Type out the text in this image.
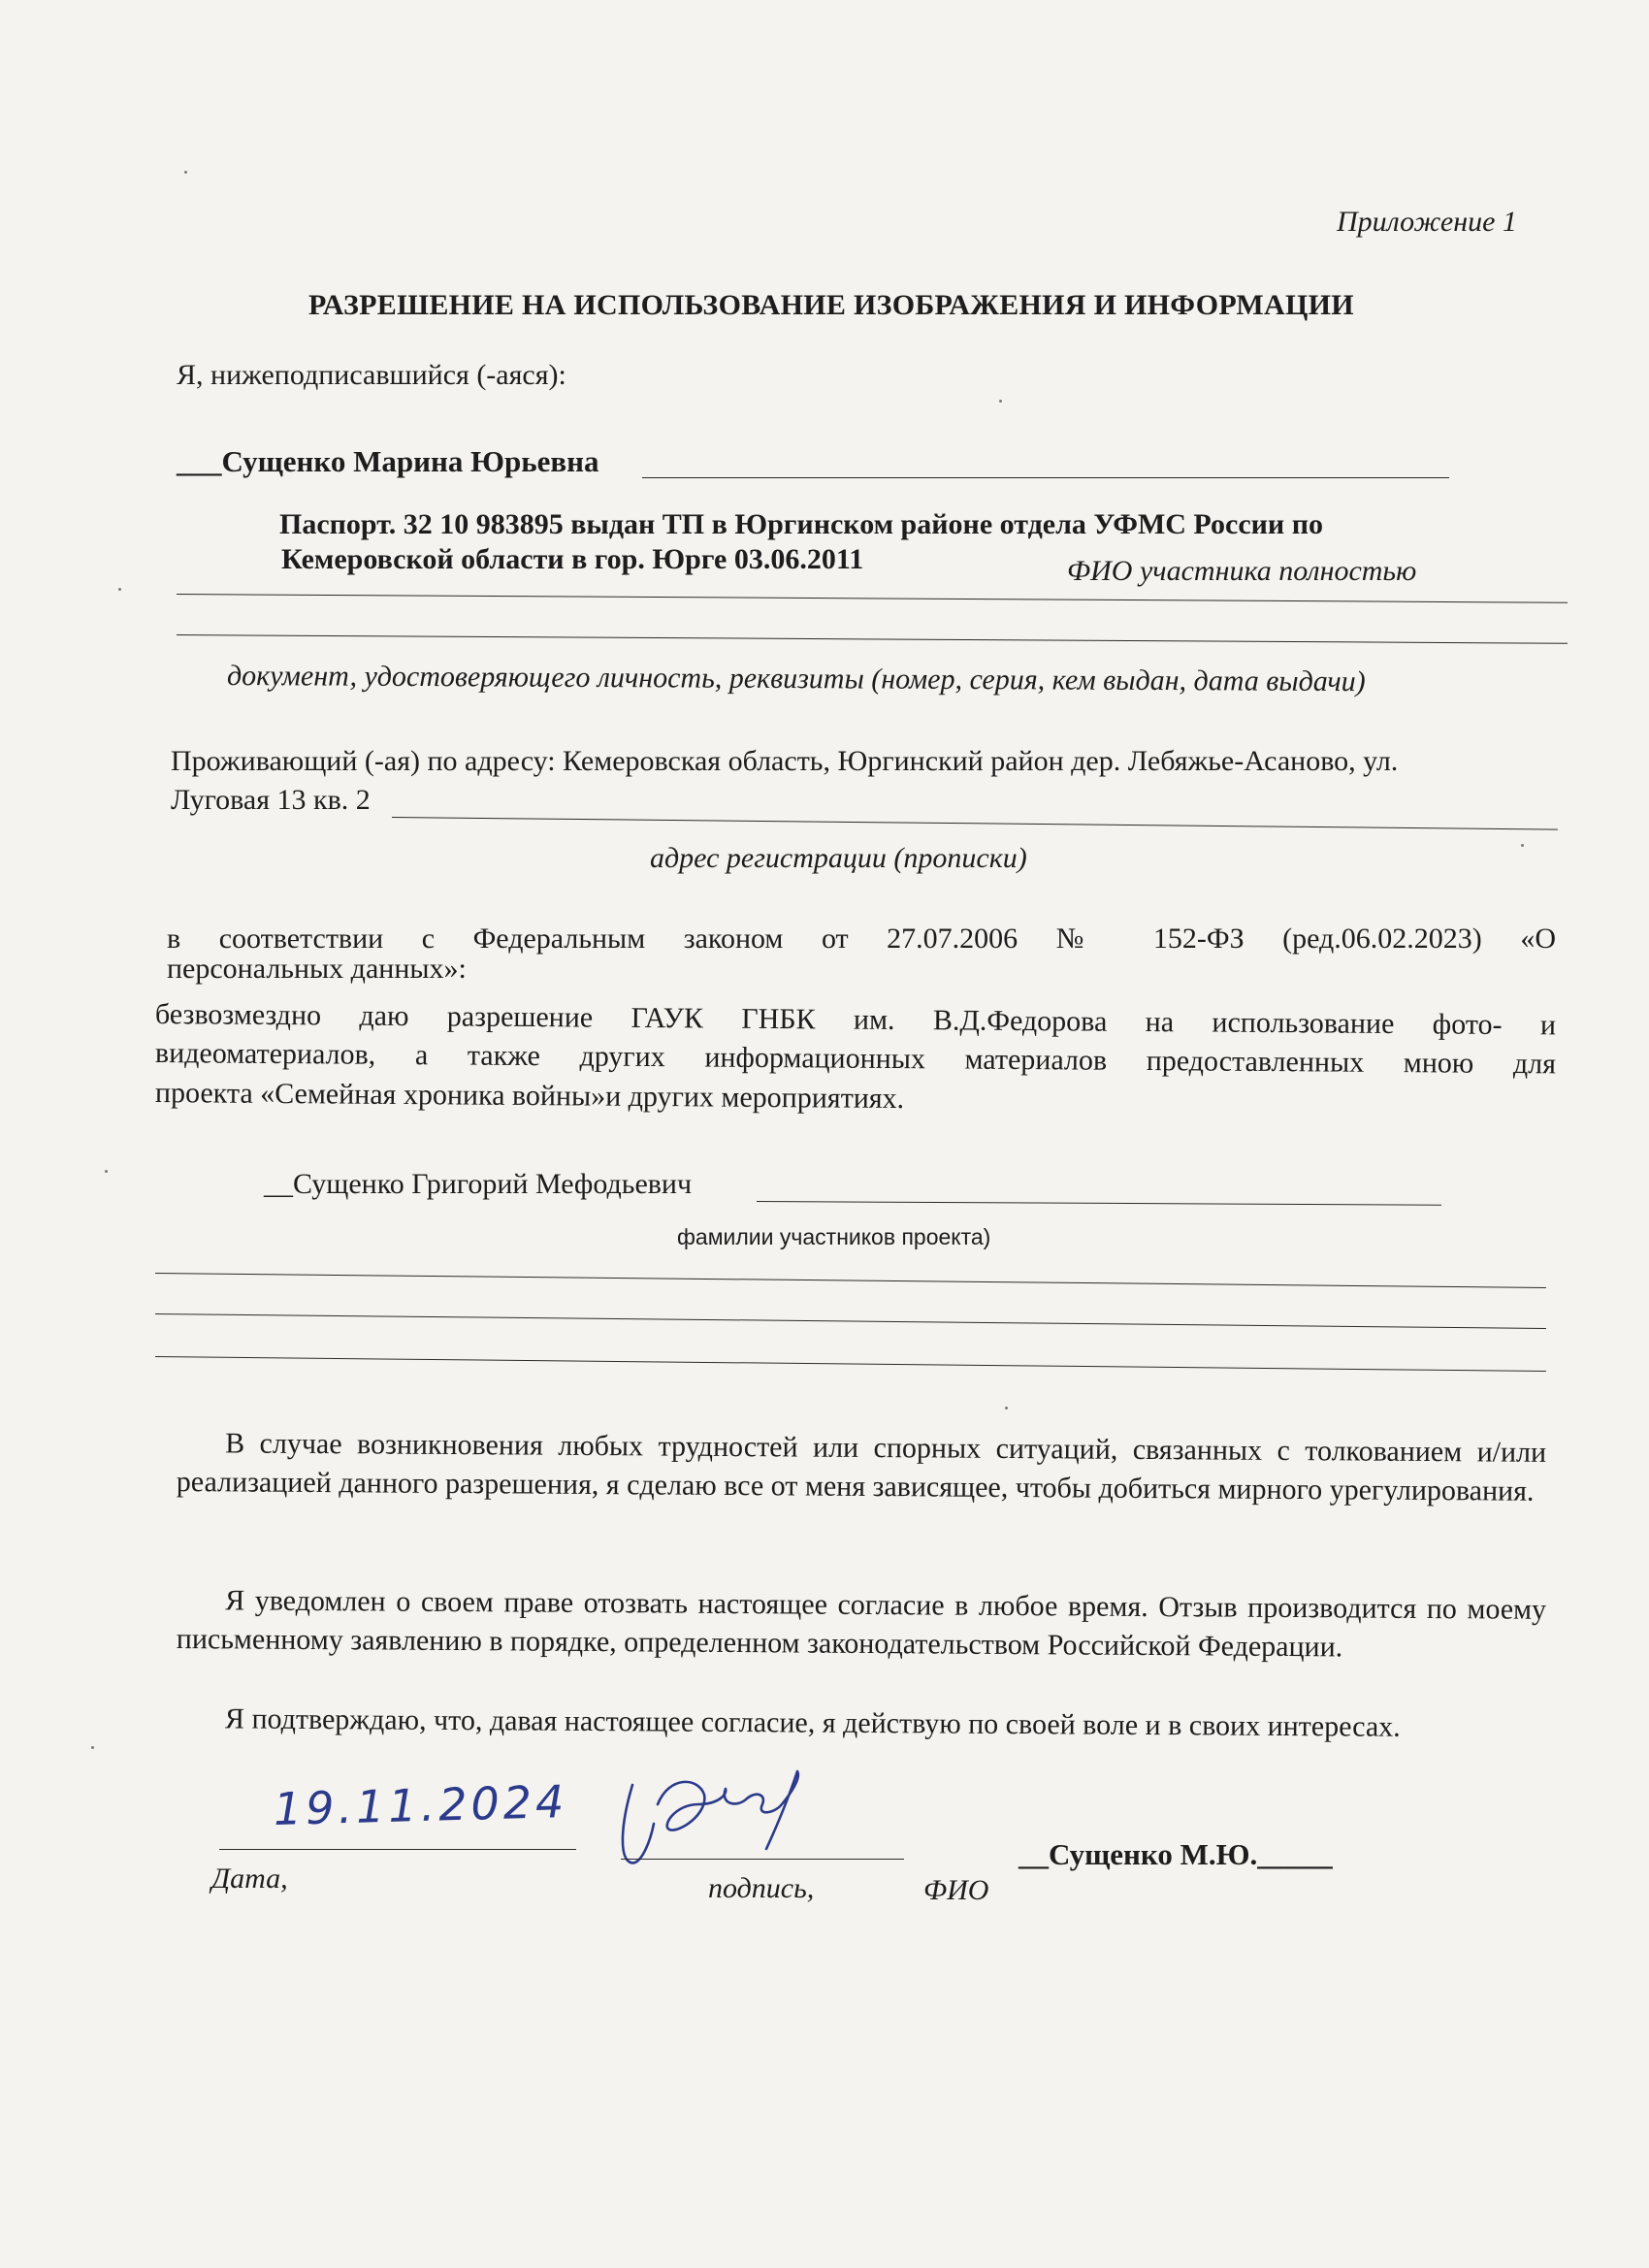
Приложение 1
РАЗРЕШЕНИЕ НА ИСПОЛЬЗОВАНИЕ ИЗОБРАЖЕНИЯ И ИНФОРМАЦИИ
Я, нижеподписавшийся (-аяся):
___Сущенко Марина Юрьевна
Паспорт. 32 10 983895 выдан ТП в Юргинском районе отдела УФМС России по
Кемеровской области в гор. Юрге 03.06.2011	ФИО участника полностью
документ, удостоверяющего личность, реквизиты (номер, серия, кем выдан, дата выдачи)
Проживающий (-ая) по адресу: Кемеровская область, Юргинский район дер. Лебяжье-Асаново, ул.
Луговая 13 кв. 2
адрес регистрации (прописки)
в соответствии с Федеральным законом от 27.07.2006 № 152-ФЗ (ред.06.02.2023) «О
персональных данных»:
безвозмездно даю разрешение ГАУК ГНБК им. В.Д.Федорова на использование фото- и
видеоматериалов, а также других информационных материалов предоставленных мною для
проекта «Семейная хроника войны»и других мероприятиях.
__Сущенко Григорий Мефодьевич
фамилии участников проекта)
В случае возникновения любых трудностей или спорных ситуаций, связанных с толкованием и/или реализацией данного разрешения, я сделаю все от меня зависящее, чтобы добиться мирного урегулирования.
Я уведомлен о своем праве отозвать настоящее согласие в любое время. Отзыв производится по моему письменному заявлению в порядке, определенном законодательством Российской Федерации.
Я подтверждаю, что, давая настоящее согласие, я действую по своей воле и в своих интересах.
19.11.2024
Дата,	подпись,	ФИО
__Сущенко М.Ю._____
